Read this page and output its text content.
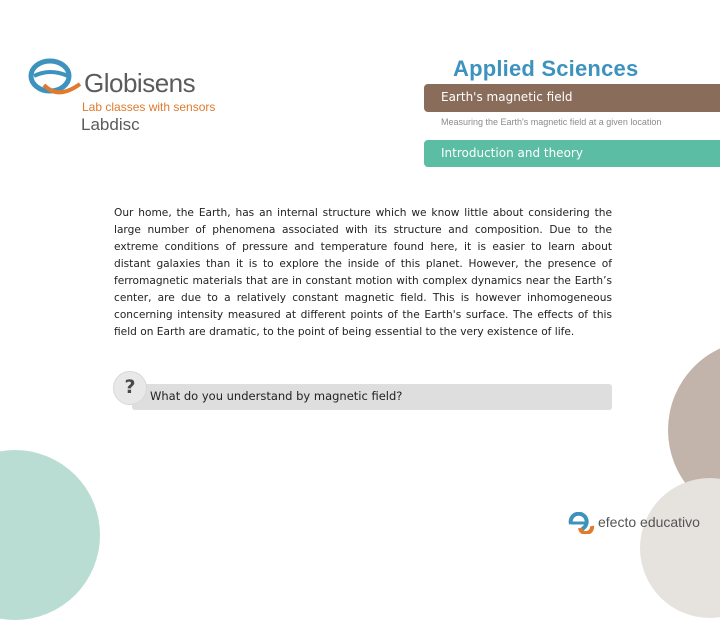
Globisens
Lab classes with sensors
Labdisc
Applied Sciences
Earth's magnetic field
Measuring the Earth's magnetic field at a given location
Introduction and theory

Our home, the Earth, has an internal structure which we know little about considering the large number of phenomena associated with its structure and composition. Due to the extreme conditions of pressure and temperature found here, it is easier to learn about distant galaxies than it is to explore the inside of this planet. However, the presence of ferromagnetic materials that are in constant motion with complex dynamics near the Earth’s center, are due to a relatively constant magnetic field. This is however inhomogeneous concerning intensity measured at different points of the Earth's surface. The effects of this field on Earth are dramatic, to the point of being essential to the very existence of life.

What do you understand by magnetic field?
?
efecto educativo
